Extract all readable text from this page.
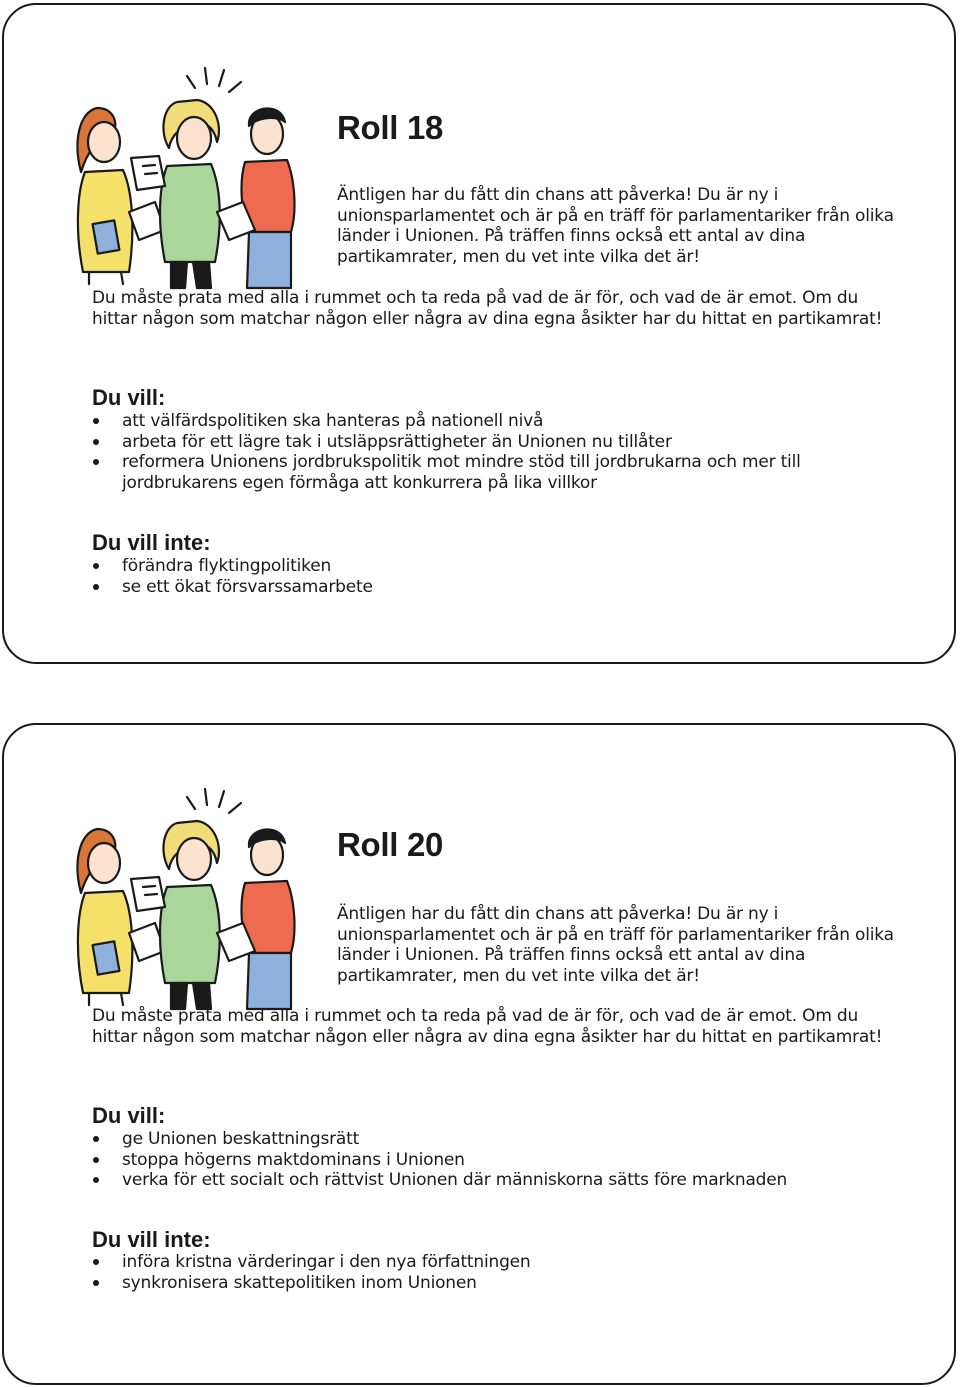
Roll 18

Äntligen har du fått din chans att påverka! Du är ny i unionsparlamentet och är på en träff för parlamentariker från olika länder i Unionen. På träffen finns också ett antal av dina partikamrater, men du vet inte vilka det är!

Du måste prata med alla i rummet och ta reda på vad de är för, och vad de är emot. Om du hittar någon som matchar någon eller några av dina egna åsikter har du hittat en partikamrat!

Du vill:
att välfärdspolitiken ska hanteras på nationell nivå
arbeta för ett lägre tak i utsläppsrättigheter än Unionen nu tillåter
reformera Unionens jordbrukspolitik mot mindre stöd till jordbrukarna och mer till jordbrukarens egen förmåga att konkurrera på lika villkor
Du vill inte:
förändra flyktingpolitiken
se ett ökat försvarssamarbete
Roll 20

Äntligen har du fått din chans att påverka! Du är ny i unionsparlamentet och är på en träff för parlamentariker från olika länder i Unionen. På träffen finns också ett antal av dina partikamrater, men du vet inte vilka det är!

Du måste prata med alla i rummet och ta reda på vad de är för, och vad de är emot. Om du hittar någon som matchar någon eller några av dina egna åsikter har du hittat en partikamrat!

Du vill:
ge Unionen beskattningsrätt
stoppa högerns maktdominans i Unionen
verka för ett socialt och rättvist Unionen där människorna sätts före marknaden
Du vill inte:
införa kristna värderingar i den nya författningen
synkronisera skattepolitiken inom Unionen
